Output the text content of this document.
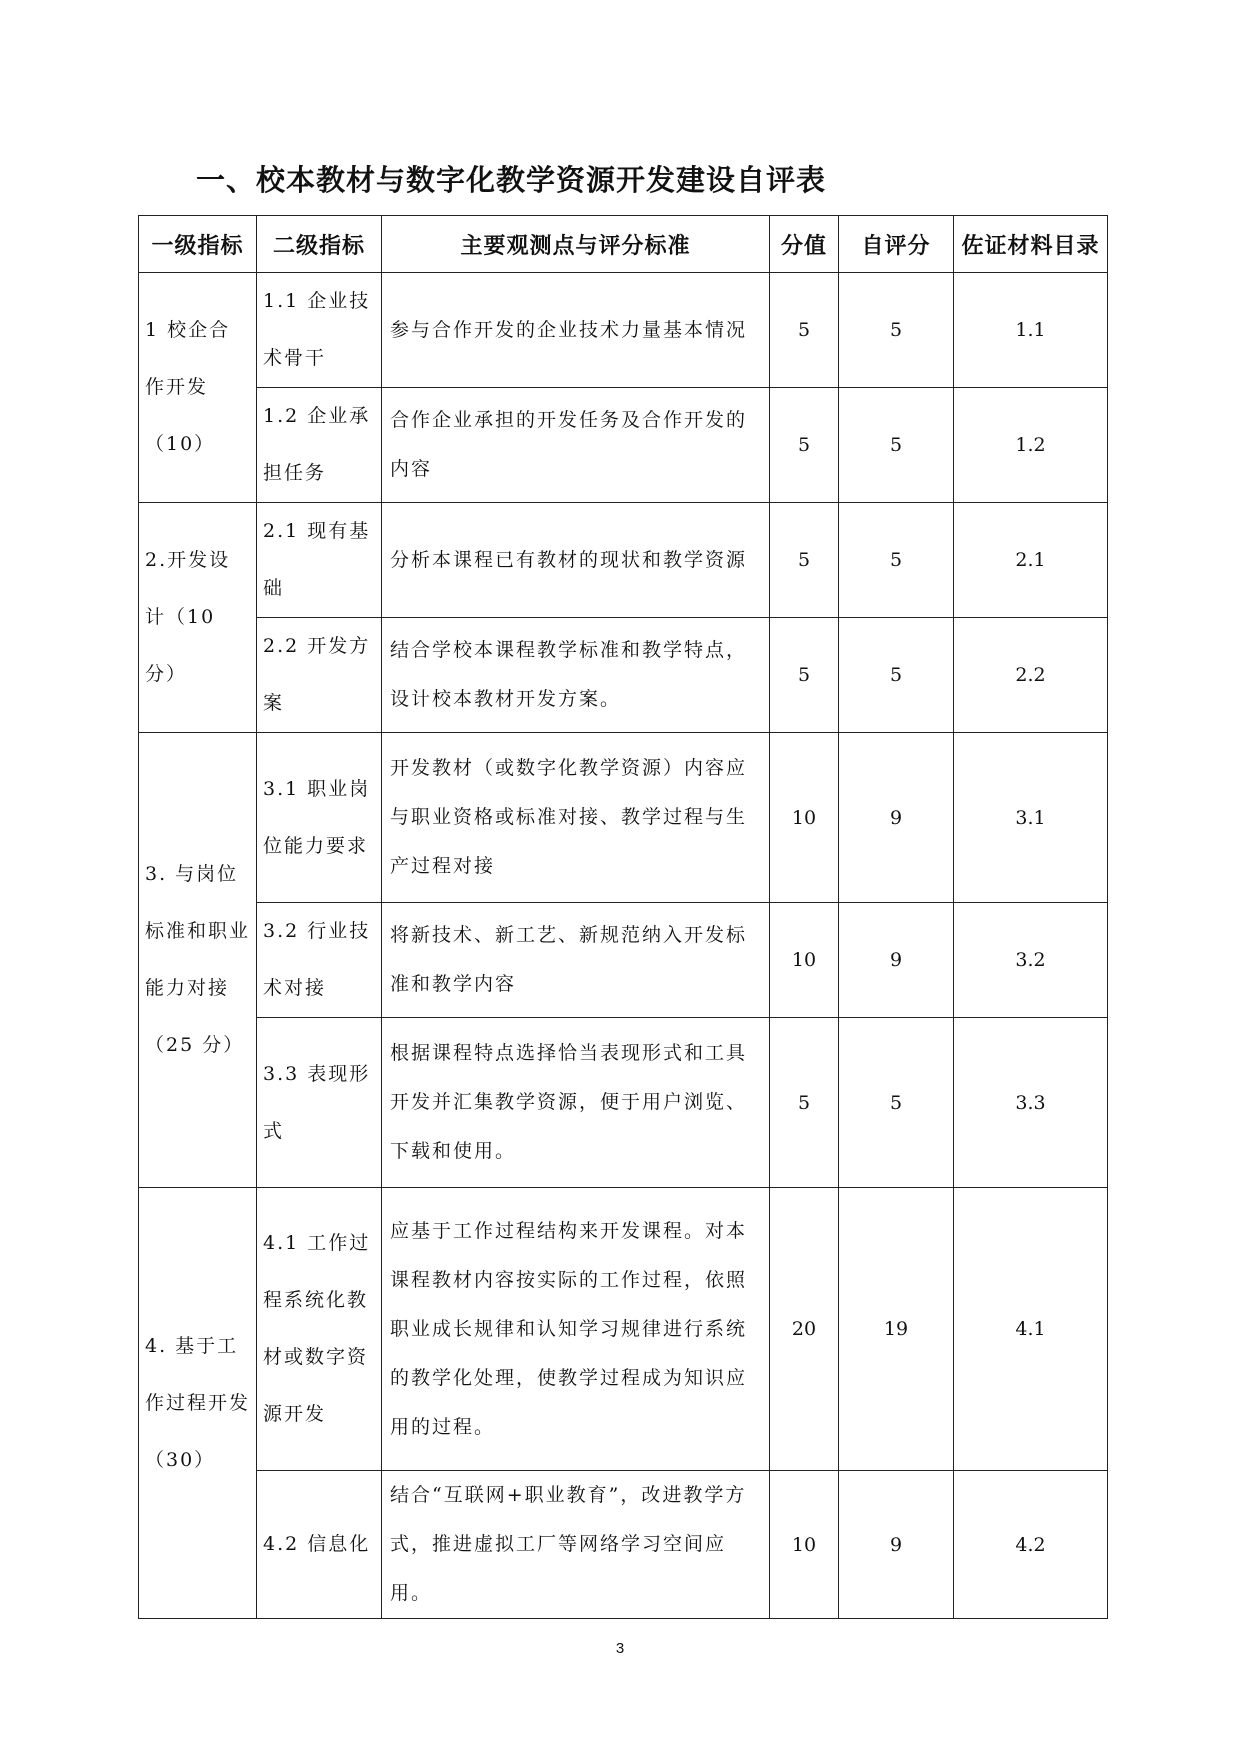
一、校本教材与数字化教学资源开发建设自评表
一级指标	二级指标	主要观测点与评分标准	分值	自评分	佐证材料目录
1 校企合作开发（10）	1.1 企业技术骨干	参与合作开发的企业技术力量基本情况	5	5	1.1
	1.2 企业承担任务	合作企业承担的开发任务及合作开发的内容	5	5	1.2
2.开发设计（10 分）	2.1 现有基础	分析本课程已有教材的现状和教学资源	5	5	2.1
	2.2 开发方案	结合学校本课程教学标准和教学特点，设计校本教材开发方案。	5	5	2.2
3. 与岗位标准和职业能力对接（25 分）	3.1 职业岗位能力要求	开发教材（或数字化教学资源）内容应与职业资格或标准对接、教学过程与生产过程对接	10	9	3.1
	3.2 行业技术对接	将新技术、新工艺、新规范纳入开发标准和教学内容	10	9	3.2
	3.3 表现形式	根据课程特点选择恰当表现形式和工具开发并汇集教学资源，便于用户浏览、下载和使用。	5	5	3.3
4. 基于工作过程开发（30）	4.1 工作过程系统化教材或数字资源开发	应基于工作过程结构来开发课程。对本课程教材内容按实际的工作过程，依照职业成长规律和认知学习规律进行系统的教学化处理，使教学过程成为知识应用的过程。	20	19	4.1
	4.2 信息化	结合“互联网+职业教育”，改进教学方式，推进虚拟工厂等网络学习空间应用。	10	9	4.2
3
